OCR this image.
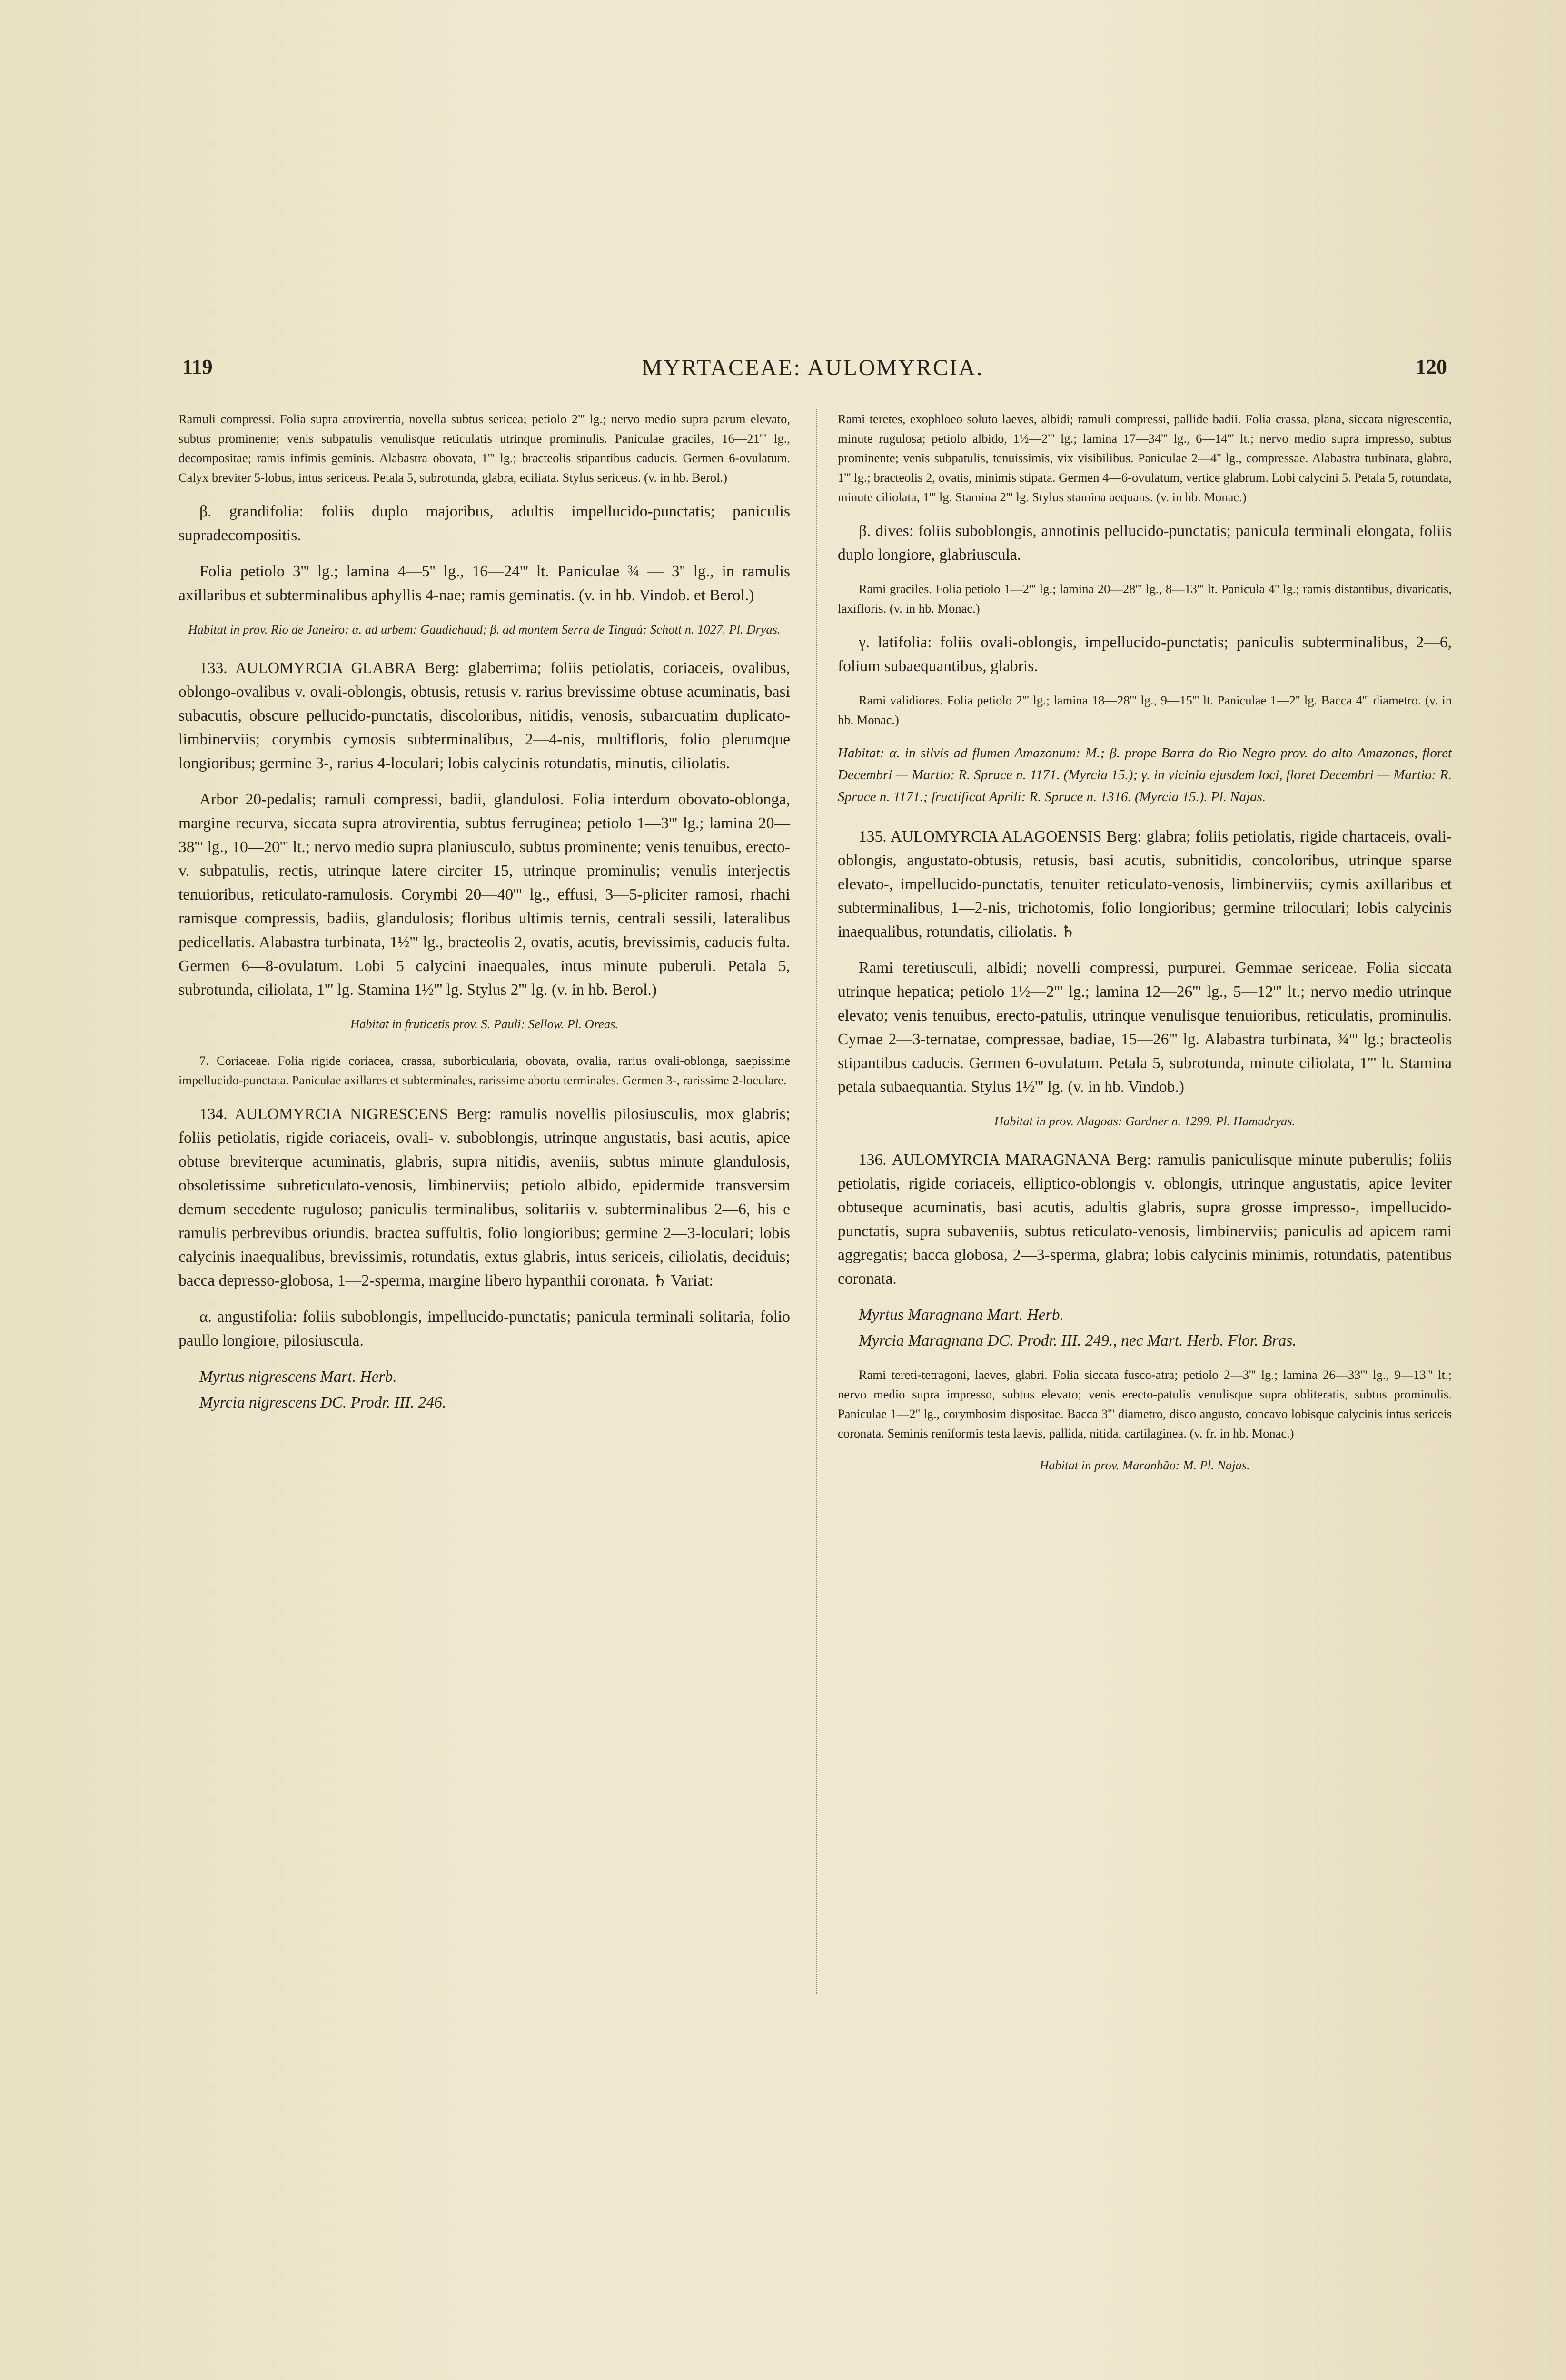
119	MYRTACEAE: AULOMYRCIA.	120

Ramuli compressi. Folia supra atrovirentia, novella subtus sericea; petiolo 2''' lg.; nervo medio supra parum elevato, subtus prominente; venis subpatulis venulisque reticulatis utrinque prominulis. Paniculae graciles, 16—21''' lg., decompositae; ramis infimis geminis. Alabastra obovata, 1''' lg.; bracteolis stipantibus caducis. Germen 6-ovulatum. Calyx breviter 5-lobus, intus sericeus. Petala 5, subrotunda, glabra, eciliata. Stylus sericeus. (v. in hb. Berol.)

β. grandifolia: foliis duplo majoribus, adultis impellucido-punctatis; paniculis supradecompositis.

Folia petiolo 3''' lg.; lamina 4—5'' lg., 16—24''' lt. Paniculae ¾ — 3'' lg., in ramulis axillaribus et subterminalibus aphyllis 4-nae; ramis geminatis. (v. in hb. Vindob. et Berol.)

Habitat in prov. Rio de Janeiro: α. ad urbem: Gaudichaud; β. ad montem Serra de Tinguá: Schott n. 1027. Pl. Dryas.

133. AULOMYRCIA GLABRA Berg: glaberrima; foliis petiolatis, coriaceis, ovalibus, oblongo-ovalibus v. ovali-oblongis, obtusis, retusis v. rarius brevissime obtuse acuminatis, basi subacutis, obscure pellucido-punctatis, discoloribus, nitidis, venosis, subarcuatim duplicato-limbinerviis; corymbis cymosis subterminalibus, 2—4-nis, multifloris, folio plerumque longioribus; germine 3-, rarius 4-loculari; lobis calycinis rotundatis, minutis, ciliolatis.

Arbor 20-pedalis; ramuli compressi, badii, glandulosi. Folia interdum obovato-oblonga, margine recurva, siccata supra atrovirentia, subtus ferruginea; petiolo 1—3''' lg.; lamina 20—38''' lg., 10—20''' lt.; nervo medio supra planiusculo, subtus prominente; venis tenuibus, erecto- v. subpatulis, rectis, utrinque latere circiter 15, utrinque prominulis; venulis interjectis tenuioribus, reticulato-ramulosis. Corymbi 20—40''' lg., effusi, 3—5-pliciter ramosi, rhachi ramisque compressis, badiis, glandulosis; floribus ultimis ternis, centrali sessili, lateralibus pedicellatis. Alabastra turbinata, 1½''' lg., bracteolis 2, ovatis, acutis, brevissimis, caducis fulta. Germen 6—8-ovulatum. Lobi 5 calycini inaequales, intus minute puberuli. Petala 5, subrotunda, ciliolata, 1''' lg. Stamina 1½''' lg. Stylus 2''' lg. (v. in hb. Berol.)

Habitat in fruticetis prov. S. Pauli: Sellow. Pl. Oreas.

7. Coriaceae. Folia rigide coriacea, crassa, suborbicularia, obovata, ovalia, rarius ovali-oblonga, saepissime impellucido-punctata. Paniculae axillares et subterminales, rarissime abortu terminales. Germen 3-, rarissime 2-loculare.

134. AULOMYRCIA NIGRESCENS Berg: ramulis novellis pilosiusculis, mox glabris; foliis petiolatis, rigide coriaceis, ovali- v. suboblongis, utrinque angustatis, basi acutis, apice obtuse breviterque acuminatis, glabris, supra nitidis, aveniis, subtus minute glandulosis, obsoletissime subreticulato-venosis, limbinerviis; petiolo albido, epidermide transversim demum secedente ruguloso; paniculis terminalibus, solitariis v. subterminalibus 2—6, his e ramulis perbrevibus oriundis, bractea suffultis, folio longioribus; germine 2—3-loculari; lobis calycinis inaequalibus, brevissimis, rotundatis, extus glabris, intus sericeis, ciliolatis, deciduis; bacca depresso-globosa, 1—2-sperma, margine libero hypanthii coronata. ♄ Variat:

α. angustifolia: foliis suboblongis, impellucido-punctatis; panicula terminali solitaria, folio paullo longiore, pilosiuscula.

Myrtus nigrescens Mart. Herb.

Myrcia nigrescens DC. Prodr. III. 246.

Rami teretes, exophloeo soluto laeves, albidi; ramuli compressi, pallide badii. Folia crassa, plana, siccata nigrescentia, minute rugulosa; petiolo albido, 1½—2''' lg.; lamina 17—34''' lg., 6—14''' lt.; nervo medio supra impresso, subtus prominente; venis subpatulis, tenuissimis, vix visibilibus. Paniculae 2—4'' lg., compressae. Alabastra turbinata, glabra, 1''' lg.; bracteolis 2, ovatis, minimis stipata. Germen 4—6-ovulatum, vertice glabrum. Lobi calycini 5. Petala 5, rotundata, minute ciliolata, 1''' lg. Stamina 2''' lg. Stylus stamina aequans. (v. in hb. Monac.)

β. dives: foliis suboblongis, annotinis pellucido-punctatis; panicula terminali elongata, foliis duplo longiore, glabriuscula.

Rami graciles. Folia petiolo 1—2''' lg.; lamina 20—28''' lg., 8—13''' lt. Panicula 4'' lg.; ramis distantibus, divaricatis, laxifloris. (v. in hb. Monac.)

γ. latifolia: foliis ovali-oblongis, impellucido-punctatis; paniculis subterminalibus, 2—6, folium subaequantibus, glabris.

Rami validiores. Folia petiolo 2''' lg.; lamina 18—28''' lg., 9—15''' lt. Paniculae 1—2'' lg. Bacca 4''' diametro. (v. in hb. Monac.)

Habitat: α. in silvis ad flumen Amazonum: M.; β. prope Barra do Rio Negro prov. do alto Amazonas, floret Decembri — Martio: R. Spruce n. 1171. (Myrcia 15.); γ. in vicinia ejusdem loci, floret Decembri — Martio: R. Spruce n. 1171.; fructificat Aprili: R. Spruce n. 1316. (Myrcia 15.). Pl. Najas.

135. AULOMYRCIA ALAGOENSIS Berg: glabra; foliis petiolatis, rigide chartaceis, ovali-oblongis, angustato-obtusis, retusis, basi acutis, subnitidis, concoloribus, utrinque sparse elevato-, impellucido-punctatis, tenuiter reticulato-venosis, limbinerviis; cymis axillaribus et subterminalibus, 1—2-nis, trichotomis, folio longioribus; germine triloculari; lobis calycinis inaequalibus, rotundatis, ciliolatis. ♄

Rami teretiusculi, albidi; novelli compressi, purpurei. Gemmae sericeae. Folia siccata utrinque hepatica; petiolo 1½—2''' lg.; lamina 12—26''' lg., 5—12''' lt.; nervo medio utrinque elevato; venis tenuibus, erecto-patulis, utrinque venulisque tenuioribus, reticulatis, prominulis. Cymae 2—3-ternatae, compressae, badiae, 15—26''' lg. Alabastra turbinata, ¾''' lg.; bracteolis stipantibus caducis. Germen 6-ovulatum. Petala 5, subrotunda, minute ciliolata, 1''' lt. Stamina petala subaequantia. Stylus 1½''' lg. (v. in hb. Vindob.)

Habitat in prov. Alagoas: Gardner n. 1299. Pl. Hamadryas.

136. AULOMYRCIA MARAGNANA Berg: ramulis paniculisque minute puberulis; foliis petiolatis, rigide coriaceis, elliptico-oblongis v. oblongis, utrinque angustatis, apice leviter obtuseque acuminatis, basi acutis, adultis glabris, supra grosse impresso-, impellucido-punctatis, supra subaveniis, subtus reticulato-venosis, limbinerviis; paniculis ad apicem rami aggregatis; bacca globosa, 2—3-sperma, glabra; lobis calycinis minimis, rotundatis, patentibus coronata.

Myrtus Maragnana Mart. Herb.

Myrcia Maragnana DC. Prodr. III. 249., nec Mart. Herb. Flor. Bras.

Rami tereti-tetragoni, laeves, glabri. Folia siccata fusco-atra; petiolo 2—3''' lg.; lamina 26—33''' lg., 9—13''' lt.; nervo medio supra impresso, subtus elevato; venis erecto-patulis venulisque supra obliteratis, subtus prominulis. Paniculae 1—2'' lg., corymbosim dispositae. Bacca 3''' diametro, disco angusto, concavo lobisque calycinis intus sericeis coronata. Seminis reniformis testa laevis, pallida, nitida, cartilaginea. (v. fr. in hb. Monac.)

Habitat in prov. Maranhão: M. Pl. Najas.
